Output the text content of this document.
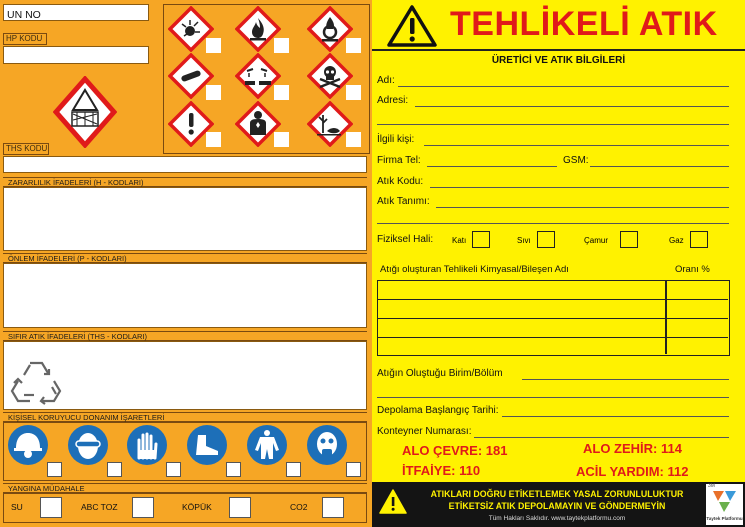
UN NO
HP KODU
THS KODU
ZARARLILIK İFADELERİ (H - KODLARI)
ÖNLEM İFADELERİ (P - KODLARI)
SIFIR ATIK İFADELERİ (THS - KODLARI)
KİŞİSEL KORUYUCU DONANIM İŞARETLERİ
YANGINA MÜDAHALE
SU	ABC TOZ	KÖPÜK	CO2
TEHLİKELİ ATIK
ÜRETİCİ VE ATIK BİLGİLERİ
Adı:
Adresi:
İlgili kişi:
Firma Tel:	GSM:
Atık Kodu:
Atık Tanımı:
Fiziksel Hali: Katı	Sıvı	Çamur	Gaz
Atığı oluşturan Tehlikeli Kimyasal/Bileşen Adı	Oranı %
Atığın Oluştuğu Birim/Bölüm
Depolama Başlangıç Tarihi:
Konteyner Numarası:
ALO ÇEVRE: 181	ALO ZEHİR: 114
İTFAİYE: 110	ACİL YARDIM: 112
ATIKLARI DOĞRU ETİKETLEMEK YASAL ZORUNLULUKTUR
ETİKETSİZ ATIK DEPOLAMAYIN VE GÖNDERMEYİN
Tüm Hakları Saklıdır. www.taytekplatformu.com
3M
Taytek Platformu
